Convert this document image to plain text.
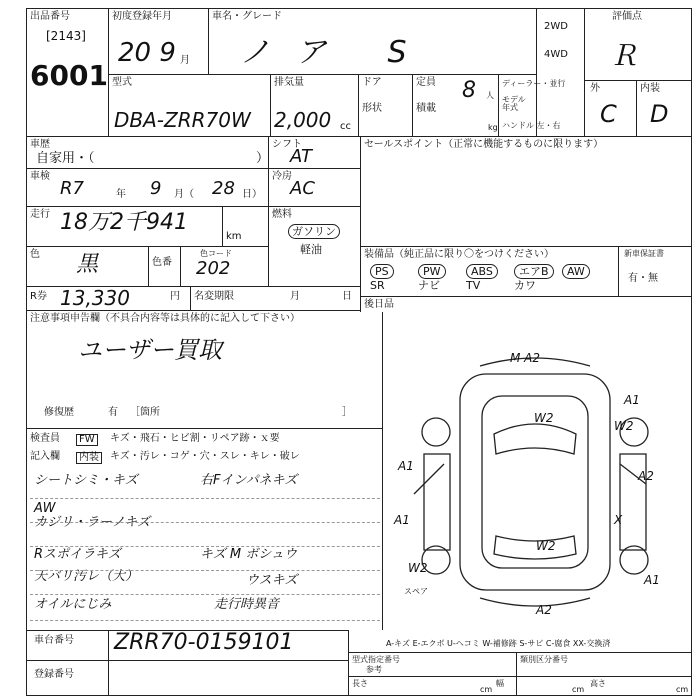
出品番号
[2143]
6001
初度登録年月
20 9 月
車名・グレード
ノア S
2WD
4WD
評価点
Ｒ
外	内装
C D
型式
DBA-ZRR70W
排気量
2,000 cc
ドア
形状
定員
積載
8 人
kg
ディーラー・並行
モデル年式
ハンドル 左・右
車歴
自家用・（	）
シフト
AT
車検
R7	年 9 月（ 28 日）
冷房
AC
走行 18万2千941
km
燃料
ガソリン
軽油
色 黒	色番
色コード
202
R券 13,330	円 名変期限	月	日
注意事項申告欄（不具合内容等は具体的に記入して下さい）
ユーザー買取
修復歴	有 ［箇所	］
セールスポイント（正常に機能するものに限ります）
装備品（純正品に限り〇をつけください）
PS	PW	ABS	エアB	AW
SR	ナビ TV	カワ
新車保証書
有・無
後日品
検査員	FW	キズ・飛石・ヒビ割・リペア跡・ｘ要
記入欄	内装	キズ・汚レ・コゲ・穴・スレ・キレ・破レ
シートシミ・キズ	右Fインパネキズ
AW
カジリ・ラーノキズ
Rスポイラキズ	キズ M ボシュウ
天バリ汚レ（大）	ウスキズ
オイルにじみ	走行時異音
M A2
W2
A1
W2
A1
A2
A1	X
W2
W2
A1
A2
スペア
A-キズ E-エクボ U-ヘコミ W-補修跡 S-サビ C-腐食 XX-交換済
車台番号 ZRR70-0159101
登録番号
型式指定番号
参考
類別区分番号
長さ
cm
幅
cm
高さ
cm
